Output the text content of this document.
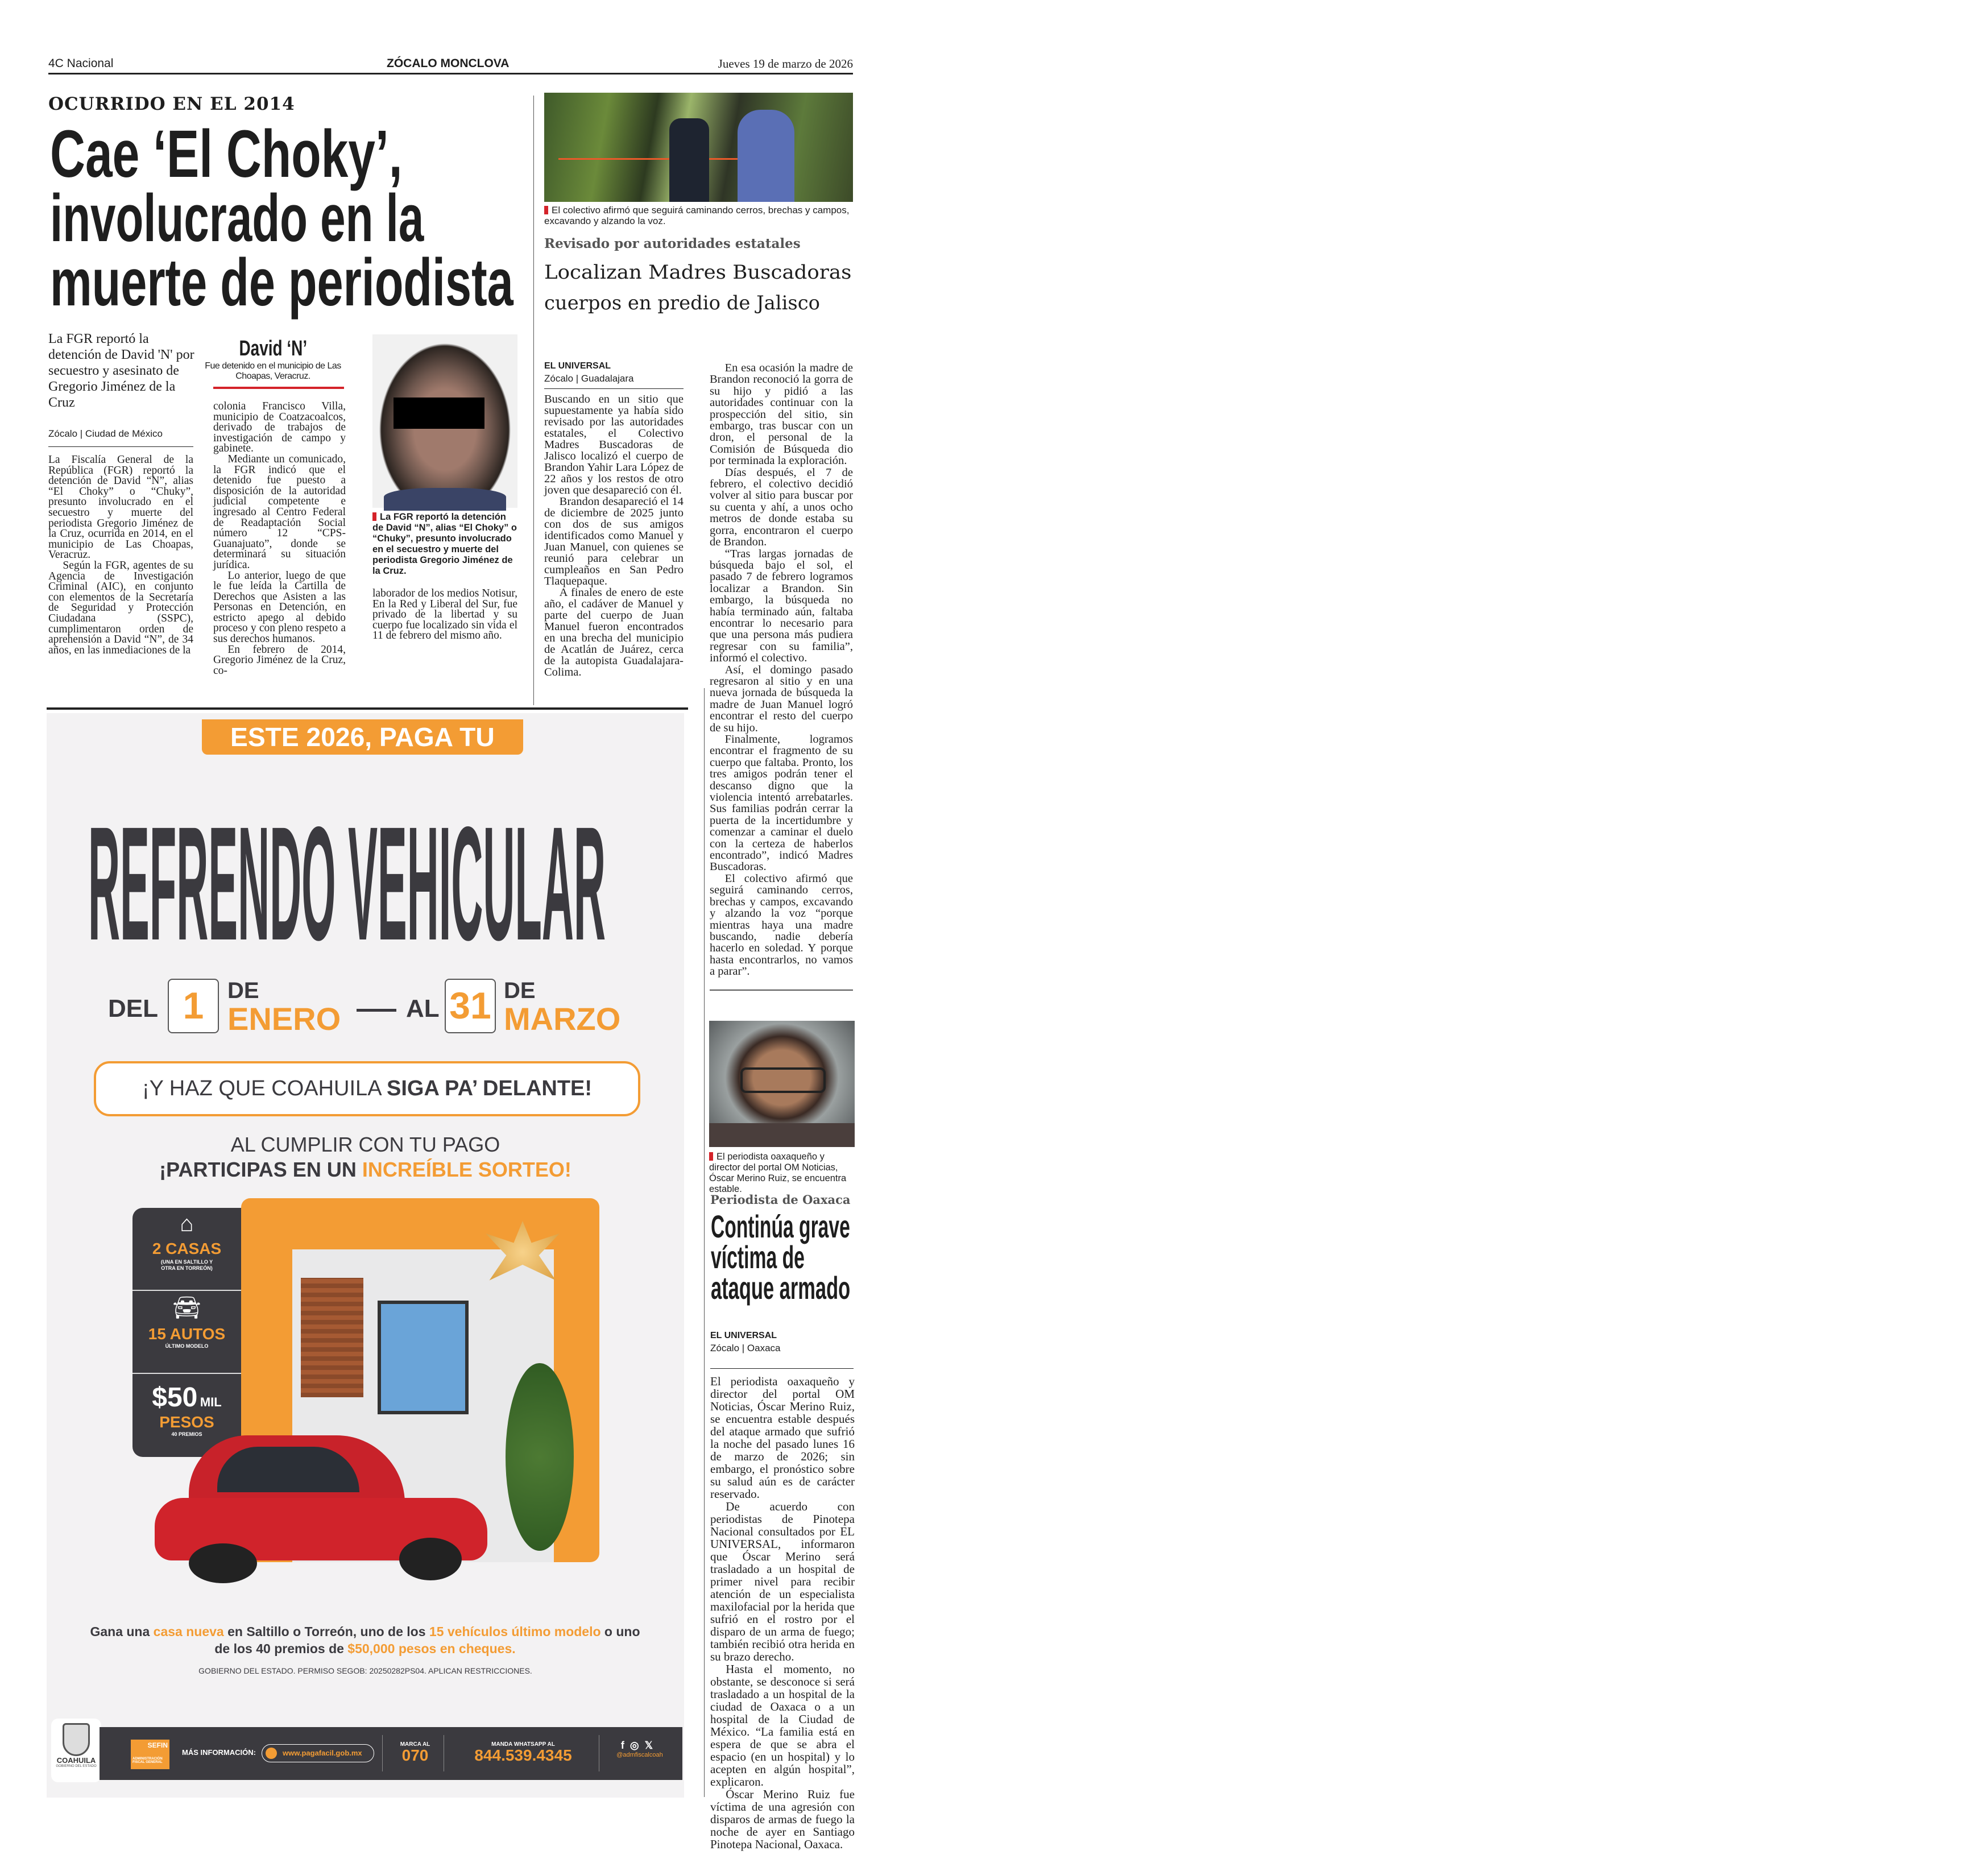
4C Nacional	ZÓCALO MONCLOVA	Jueves 19 de marzo de 2026
OCURRIDO EN EL 2014
Cae ‘El Choky’,
involucrado en la
muerte de periodista
La FGR reportó la detención de David 'N' por secuestro y asesinato de Gregorio Jiménez de la Cruz
Zócalo | Ciudad de México

La Fiscalía General de la República (FGR) reportó la detención de David “N”, alias “El Choky” o “Chuky”, presunto involucrado en el secuestro y muerte del periodista Gregorio Jiménez de la Cruz, ocurrida en 2014, en el municipio de Las Choapas, Veracruz.

Según la FGR, agentes de su Agencia de Investigación Criminal (AIC), en conjunto con elementos de la Secretaría de Seguridad y Protección Ciudadana (SSPC), cumplimentaron orden de aprehensión a David “N”, de 34 años, en las inmediaciones de la

David ‘N’
Fue detenido en el municipio de Las Choapas, Veracruz.

colonia Francisco Villa, municipio de Coatzacoalcos, derivado de trabajos de investigación de campo y gabinete.

Mediante un comunicado, la FGR indicó que el detenido fue puesto a disposición de la autoridad judicial competente e ingresado al Centro Federal de Readaptación Social número 12 “CPS-Guanajuato”, donde se determinará su situación jurídica.

Lo anterior, luego de que le fue leída la Cartilla de Derechos que Asisten a las Personas en Detención, en estricto apego al debido proceso y con pleno respeto a sus derechos humanos.

En febrero de 2014, Gregorio Jiménez de la Cruz, co-

La FGR reportó la detención de David “N”, alias “El Choky” o “Chuky”, presunto involucrado en el secuestro y muerte del periodista Gregorio Jiménez de la Cruz.

laborador de los medios Notisur, En la Red y Liberal del Sur, fue privado de la libertad y su cuerpo fue localizado sin vida el 11 de febrero del mismo año.

El colectivo afirmó que seguirá caminando cerros, brechas y campos, excavando y alzando la voz.
Revisado por autoridades estatales
Localizan Madres Buscadoras
cuerpos en predio de Jalisco
EL UNIVERSAL
Zócalo | Guadalajara

Buscando en un sitio que supuestamente ya había sido revisado por las autoridades estatales, el Colectivo Madres Buscadoras de Jalisco localizó el cuerpo de Brandon Yahir Lara López de 22 años y los restos de otro joven que desapareció con él.

Brandon desapareció el 14 de diciembre de 2025 junto con dos de sus amigos identificados como Manuel y Juan Manuel, con quienes se reunió para celebrar un cumpleaños en San Pedro Tlaquepaque.

A finales de enero de este año, el cadáver de Manuel y parte del cuerpo de Juan Manuel fueron encontrados en una brecha del municipio de Acatlán de Juárez, cerca de la autopista Guadalajara-Colima.

En esa ocasión la madre de Brandon reconoció la gorra de su hijo y pidió a las autoridades continuar con la prospección del sitio, sin embargo, tras buscar con un dron, el personal de la Comisión de Búsqueda dio por terminada la exploración.

Días después, el 7 de febrero, el colectivo decidió volver al sitio para buscar por su cuenta y ahí, a unos ocho metros de donde estaba su gorra, encontraron el cuerpo de Brandon.

“Tras largas jornadas de búsqueda bajo el sol, el pasado 7 de febrero logramos localizar a Brandon. Sin embargo, la búsqueda no había terminado aún, faltaba encontrar lo necesario para que una persona más pudiera regresar con su familia”, informó el colectivo.

Así, el domingo pasado regresaron al sitio y en una nueva jornada de búsqueda la madre de Juan Manuel logró encontrar el resto del cuerpo de su hijo.

Finalmente, logramos encontrar el fragmento de su cuerpo que faltaba. Pronto, los tres amigos podrán tener el descanso digno que la violencia intentó arrebatarles. Sus familias podrán cerrar la puerta de la incertidumbre y comenzar a caminar el duelo con la certeza de haberlos encontrado”, indicó Madres Buscadoras.

El colectivo afirmó que seguirá caminando cerros, brechas y campos, excavando y alzando la voz “porque mientras haya una madre buscando, nadie debería hacerlo en soledad. Y porque hasta encontrarlos, no vamos a parar”.

El periodista oaxaqueño y director del portal OM Noticias, Óscar Merino Ruiz, se encuentra estable.
Periodista de Oaxaca
Continúa grave
víctima de
ataque armado
EL UNIVERSAL
Zócalo | Oaxaca

El periodista oaxaqueño y director del portal OM Noticias, Óscar Merino Ruiz, se encuentra estable después del ataque armado que sufrió la noche del pasado lunes 16 de marzo de 2026; sin embargo, el pronóstico sobre su salud aún es de carácter reservado.

De acuerdo con periodistas de Pinotepa Nacional consultados por EL UNIVERSAL, informaron que Óscar Merino será trasladado a un hospital de primer nivel para recibir atención de un especialista maxilofacial por la herida que sufrió en el rostro por el disparo de un arma de fuego; también recibió otra herida en su brazo derecho.

Hasta el momento, no obstante, se desconoce si será trasladado a un hospital de la ciudad de Oaxaca o a un hospital de la Ciudad de México. “La familia está en espera de que se abra el espacio (en un hospital) y lo acepten en algún hospital”, explicaron.

Óscar Merino Ruiz fue víctima de una agresión con disparos de armas de fuego la noche de ayer en Santiago Pinotepa Nacional, Oaxaca.

ESTE 2026, PAGA TU
REFRENDO VEHICULAR
DEL 1	DE
ENERO	AL 31 DE
MARZO
¡Y HAZ QUE COAHUILA SIGA PA’ DELANTE!
AL CUMPLIR CON TU PAGO
¡PARTICIPAS EN UN INCREÍBLE SORTEO!
⌂
2 CASAS
(UNA EN SALTILLO Y OTRA EN TORREÓN)
🚘︎
15 AUTOS
ÚLTIMO MODELO
$50 MIL
PESOS
40 PREMIOS
Gana una casa nueva en Saltillo o Torreón, uno de los 15 vehículos último modelo o uno de los 40 premios de $50,000 pesos en cheques.
GOBIERNO DEL ESTADO. PERMISO SEGOB: 20250282PS04. APLICAN RESTRICCIONES.
COAHUILA
GOBIERNO DEL ESTADO
SEFIN
ADMINISTRACIÓN FISCAL GENERAL
MÁS INFORMACIÓN:	www.pagafacil.gob.mx
MARCA AL
070
MANDA WHATSAPP AL
844.539.4345
f◎𝕏
@admfiscalcoah
